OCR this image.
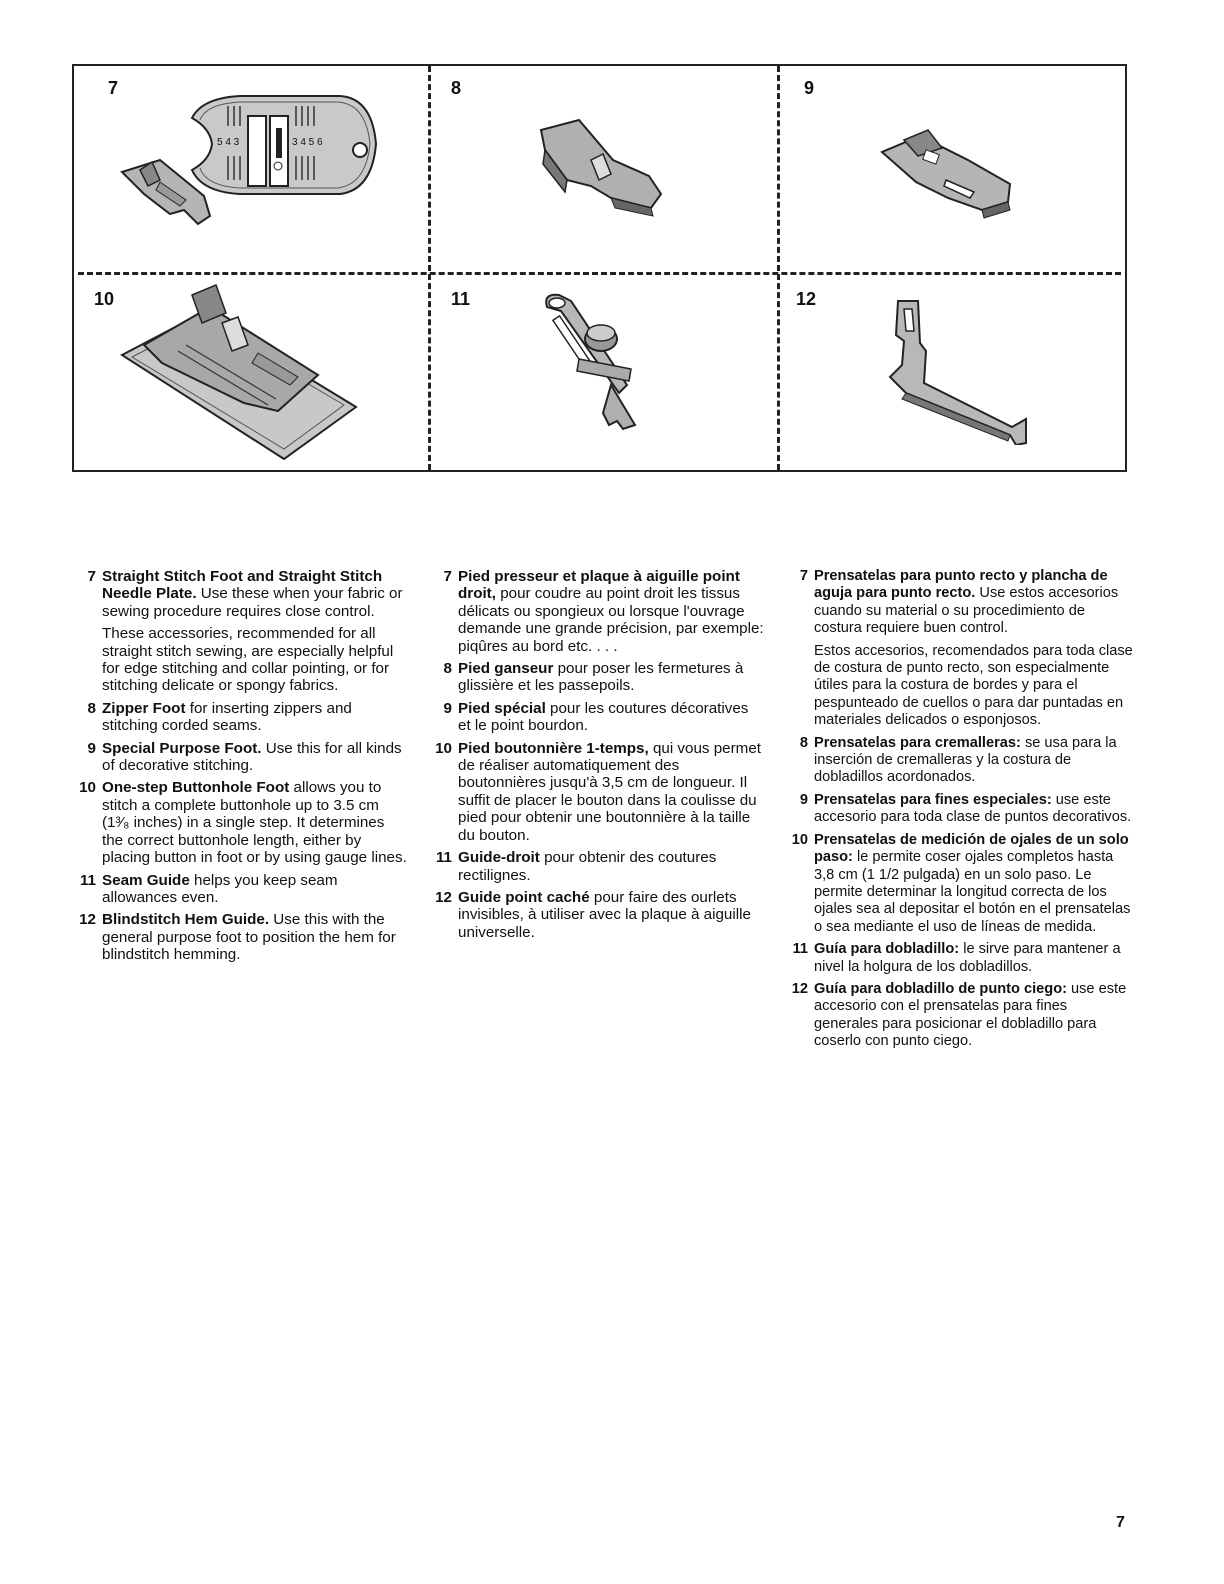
7
5 4 3	3 4 5 6
8	9
10	11	12
7 Straight Stitch Foot and Straight Stitch Needle Plate. Use these when your fabric or sewing procedure requires close control.
These accessories, recommended for all straight stitch sewing, are especially helpful for edge stitching and collar pointing, or for stitching delicate or spongy fabrics.
8 Zipper Foot for inserting zippers and stitching corded seams.
9 Special Purpose Foot. Use this for all kinds of decorative stitching.
10 One-step Buttonhole Foot allows you to stitch a complete buttonhole up to 3.5 cm (1³⁄₈ inches) in a single step. It determines the correct buttonhole length, either by placing button in foot or by using gauge lines.
11 Seam Guide helps you keep seam allowances even.
12 Blindstitch Hem Guide. Use this with the general purpose foot to position the hem for blindstitch hemming.
7 Pied presseur et plaque à aiguille point droit, pour coudre au point droit les tissus délicats ou spongieux ou lorsque l'ouvrage demande une grande précision, par exemple: piqûres au bord etc. . . .
8 Pied ganseur pour poser les fermetures à glissière et les passepoils.
9 Pied spécial pour les coutures décoratives et le point bourdon.
10 Pied boutonnière 1-temps, qui vous permet de réaliser automatiquement des boutonnières jusqu'à 3,5 cm de longueur. Il suffit de placer le bouton dans la coulisse du pied pour obtenir une boutonnière à la taille du bouton.
11 Guide-droit pour obtenir des coutures rectilignes.
12 Guide point caché pour faire des ourlets invisibles, à utiliser avec la plaque à aiguille universelle.
7 Prensatelas para punto recto y plancha de aguja para punto recto. Use estos accesorios cuando su material o su procedimiento de costura requiere buen control.
Estos accesorios, recomendados para toda clase de costura de punto recto, son especialmente útiles para la costura de bordes y para el pespunteado de cuellos o para dar puntadas en materiales delicados o esponjosos.
8 Prensatelas para cremalleras: se usa para la inserción de cremalleras y la costura de dobladillos acordonados.
9 Prensatelas para fines especiales: use este accesorio para toda clase de puntos decorativos.
10 Prensatelas de medición de ojales de un solo paso: le permite coser ojales completos hasta 3,8 cm (1 1/2 pulgada) en un solo paso. Le permite determinar la longitud correcta de los ojales sea al depositar el botón en el prensatelas o sea mediante el uso de líneas de medida.
11 Guía para dobladillo: le sirve para mantener a nivel la holgura de los dobladillos.
12 Guía para dobladillo de punto ciego: use este accesorio con el prensatelas para fines generales para posicionar el dobladillo para coserlo con punto ciego.
7
